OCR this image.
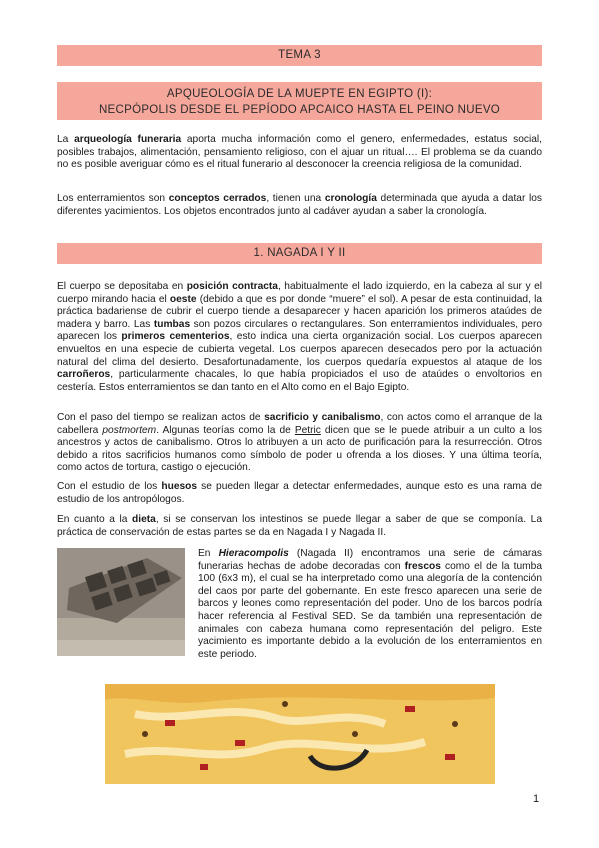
TEMA 3
APQUEOLOGÍA DE LA MUEPTE EN EGIPTO (I):
NECPÓPOLIS DESDE EL PEPÍODO APCAICO HASTA EL PEINO NUEVO
La arqueología funeraria aporta mucha información como el genero, enfermedades, estatus social, posibles trabajos, alimentación, pensamiento religioso, con el ajuar un ritual…. El problema se da cuando no es posible averiguar cómo es el ritual funerario al desconocer la creencia religiosa de la comunidad.
Los enterramientos son conceptos cerrados, tienen una cronología determinada que ayuda a datar los diferentes yacimientos. Los objetos encontrados junto al cadáver ayudan a saber la cronología.
1. NAGADA I Y II
El cuerpo se depositaba en posición contracta, habitualmente el lado izquierdo, en la cabeza al sur y el cuerpo mirando hacia el oeste (debido a que es por donde “muere” el sol). A pesar de esta continuidad, la práctica badariense de cubrir el cuerpo tiende a desaparecer y hacen aparición los primeros ataúdes de madera y barro. Las tumbas son pozos circulares o rectangulares. Son enterramientos individuales, pero aparecen los primeros cementerios, esto indica una cierta organización social. Los cuerpos aparecen envueltos en una especie de cubierta vegetal. Los cuerpos aparecen desecados pero por la actuación natural del clima del desierto. Desafortunadamente, los cuerpos quedaría expuestos al ataque de los carroñeros, particularmente chacales, lo que había propiciados el uso de ataúdes o envoltorios en cestería. Estos enterramientos se dan tanto en el Alto como en el Bajo Egipto.
Con el paso del tiempo se realizan actos de sacrificio y canibalismo, con actos como el arranque de la cabellera postmortem. Algunas teorías como la de Petric dicen que se le puede atribuir a un culto a los ancestros y actos de canibalismo. Otros lo atribuyen a un acto de purificación para la resurrección. Otros debido a ritos sacrificios humanos como símbolo de poder u ofrenda a los dioses. Y una última teoría, como actos de tortura, castigo o ejecución.
Con el estudio de los huesos se pueden llegar a detectar enfermedades, aunque esto es una rama de estudio de los antropólogos.
En cuanto a la dieta, si se conservan los intestinos se puede llegar a saber de que se componía. La práctica de conservación de estas partes se da en Nagada I y Nagada II.
En Hieracompolis (Nagada II) encontramos una serie de cámaras funerarias hechas de adobe decoradas con frescos como el de la tumba 100 (6x3 m), el cual se ha interpretado como una alegoría de la contención del caos por parte del gobernante. En este fresco aparecen una serie de barcos y leones como representación del poder. Uno de los barcos podría hacer referencia al Festival SED. Se da también una representación de animales con cabeza humana como representación del peligro. Este yacimiento es importante debido a la evolución de los enterramientos en este periodo.
1
